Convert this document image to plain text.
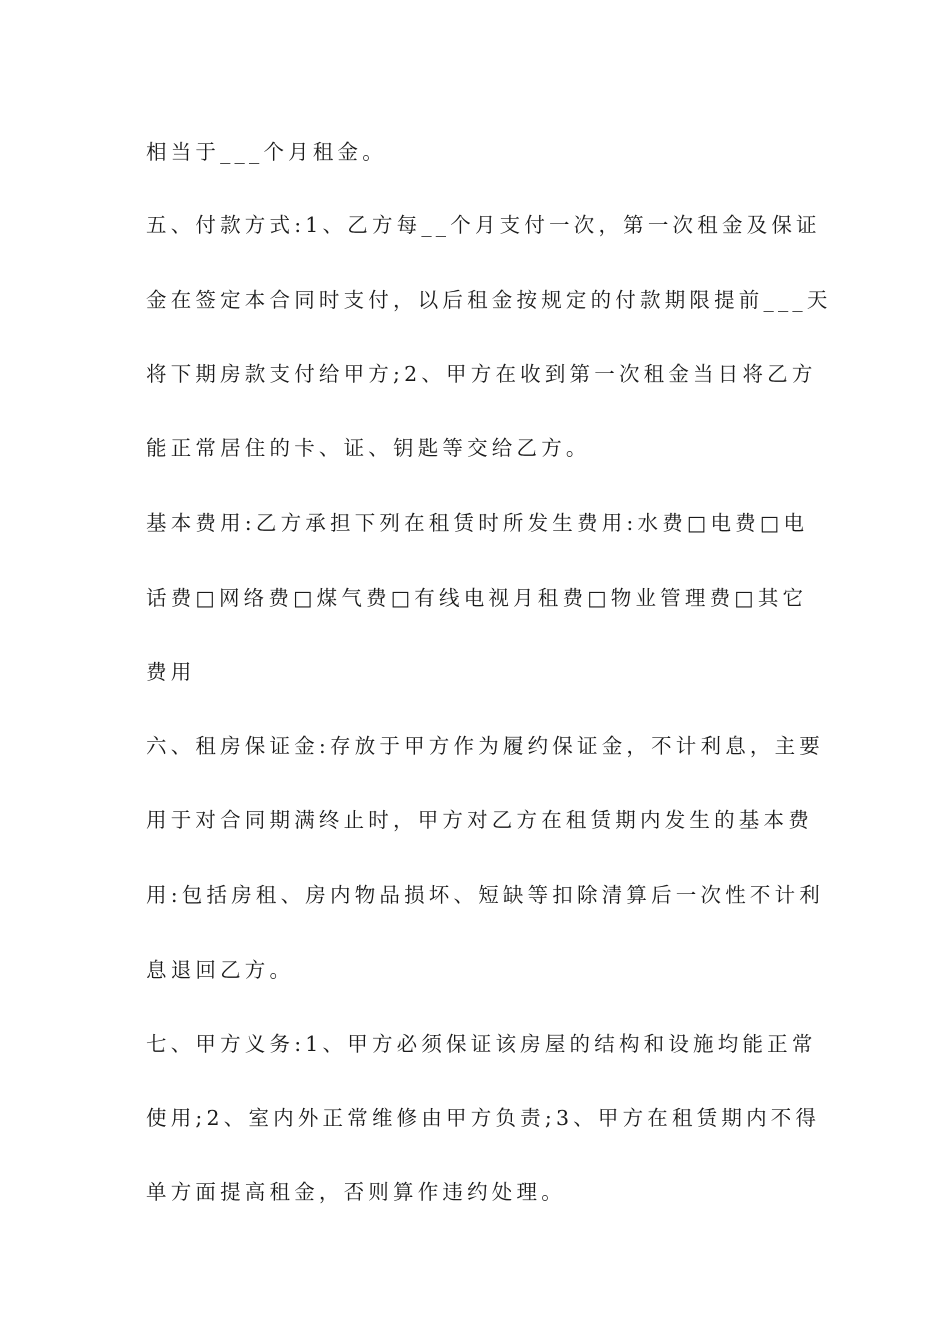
相当于___个月租金。
五、付款方式:1、乙方每__个月支付一次，第一次租金及保证
金在签定本合同时支付，以后租金按规定的付款期限提前___天
将下期房款支付给甲方;2、甲方在收到第一次租金当日将乙方
能正常居住的卡、证、钥匙等交给乙方。
基本费用:乙方承担下列在租赁时所发生费用:水费□电费□电
话费□网络费□煤气费□有线电视月租费□物业管理费□其它
费用
六、租房保证金:存放于甲方作为履约保证金，不计利息，主要
用于对合同期满终止时，甲方对乙方在租赁期内发生的基本费
用:包括房租、房内物品损坏、短缺等扣除清算后一次性不计利
息退回乙方。
七、甲方义务:1、甲方必须保证该房屋的结构和设施均能正常
使用;2、室内外正常维修由甲方负责;3、甲方在租赁期内不得
单方面提高租金，否则算作违约处理。
